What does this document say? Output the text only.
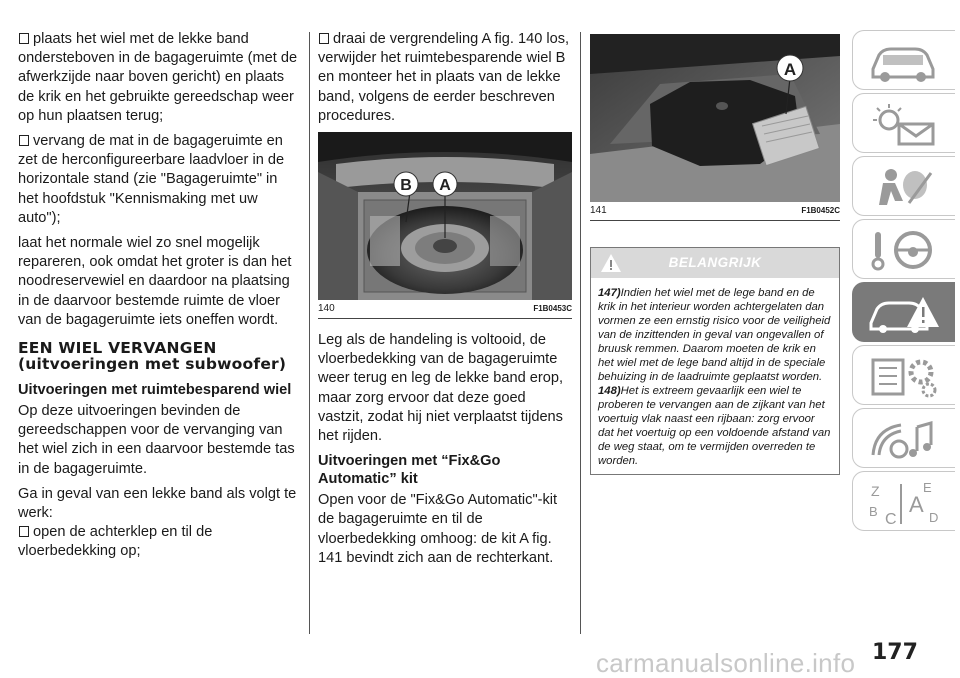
plaats het wiel met de lekke band ondersteboven in de bagageruimte (met de afwerkzijde naar boven gericht) en plaats de krik en het gebruikte gereedschap weer op hun plaatsen terug;

vervang de mat in de bagageruimte en zet de herconfigureerbare laadvloer in de horizontale stand (zie "Bagageruimte" in het hoofdstuk "Kennismaking met uw auto");

laat het normale wiel zo snel mogelijk repareren, ook omdat het groter is dan het noodreservewiel en daardoor na plaatsing in de daarvoor bestemde ruimte de vloer van de bagageruimte iets oneffen wordt.

EEN WIEL VERVANGEN (uitvoeringen met subwoofer)
Uitvoeringen met ruimtebesparend wiel

Op deze uitvoeringen bevinden de gereedschappen voor de vervanging van het wiel zich in een daarvoor bestemde tas in de bagageruimte.

Ga in geval van een lekke band als volgt te werk:

open de achterklep en til de vloerbedekking op;

draai de vergrendeling A fig. 140 los, verwijder het ruimtebesparende wiel B en monteer het in plaats van de lekke band, volgens de eerder beschreven procedures.

B A
140	F1B0453C

Leg als de handeling is voltooid, de vloerbedekking van de bagageruimte weer terug en leg de lekke band erop, maar zorg ervoor dat deze goed vastzit, zodat hij niet verplaatst tijdens het rijden.

Uitvoeringen met “Fix&Go Automatic” kit

Open voor de "Fix&Go Automatic"-kit de bagageruimte en til de vloerbedekking omhoog: de kit A fig. 141 bevindt zich aan de rechterkant.

A
141	F1B0452C
BELANGRIJK

147)Indien het wiel met de lege band en de krik in het interieur worden achtergelaten dan vormen ze een ernstig risico voor de veiligheid van de inzittenden in geval van ongevallen of bruusk remmen. Daarom moeten de krik en het wiel met de lege band altijd in de speciale behuizing in de laadruimte geplaatst worden.

148)Het is extreem gevaarlijk een wiel te proberen te vervangen aan de zijkant van het voertuig vlak naast een rijbaan: zorg ervoor dat het voertuig op een voldoende afstand van de weg staat, om te vermijden overreden te worden.

Z	E
A
B C D
carmanualsonline.info 177
